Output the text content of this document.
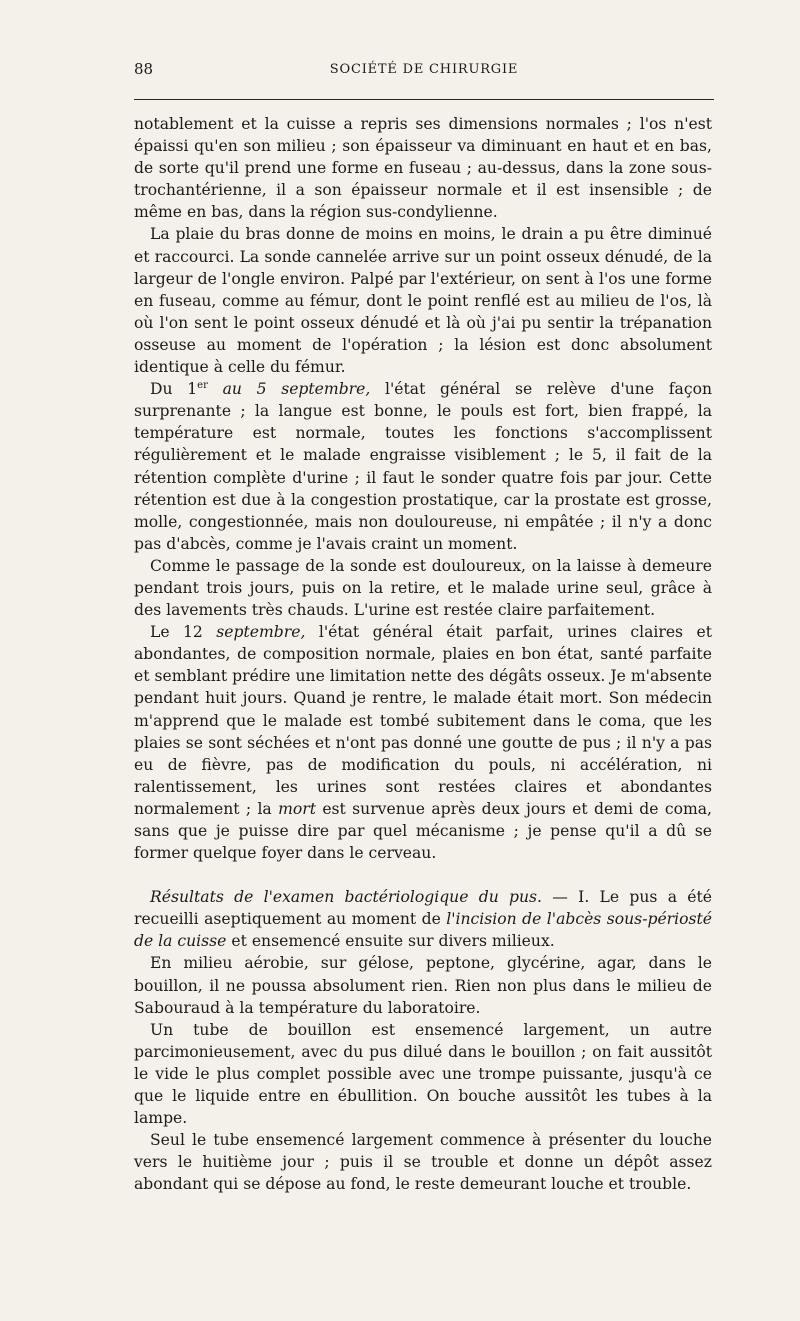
88	SOCIÉTÉ DE CHIRURGIE

notablement et la cuisse a repris ses dimensions normales ; l'os n'est épaissi qu'en son milieu ; son épaisseur va diminuant en haut et en bas, de sorte qu'il prend une forme en fuseau ; au-dessus, dans la zone sous-trochantérienne, il a son épaisseur normale et il est insensible ; de même en bas, dans la région sus-condylienne.

La plaie du bras donne de moins en moins, le drain a pu être diminué et raccourci. La sonde cannelée arrive sur un point osseux dénudé, de la largeur de l'ongle environ. Palpé par l'extérieur, on sent à l'os une forme en fuseau, comme au fémur, dont le point renflé est au milieu de l'os, là où l'on sent le point osseux dénudé et là où j'ai pu sentir la trépanation osseuse au moment de l'opération ; la lésion est donc absolument identique à celle du fémur.

Du 1er au 5 septembre, l'état général se relève d'une façon surprenante ; la langue est bonne, le pouls est fort, bien frappé, la température est normale, toutes les fonctions s'accomplissent régulièrement et le malade engraisse visiblement ; le 5, il fait de la rétention complète d'urine ; il faut le sonder quatre fois par jour. Cette rétention est due à la congestion prostatique, car la prostate est grosse, molle, congestionnée, mais non douloureuse, ni empâtée ; il n'y a donc pas d'abcès, comme je l'avais craint un moment.

Comme le passage de la sonde est douloureux, on la laisse à demeure pendant trois jours, puis on la retire, et le malade urine seul, grâce à des lavements très chauds. L'urine est restée claire parfaitement.

Le 12 septembre, l'état général était parfait, urines claires et abondantes, de composition normale, plaies en bon état, santé parfaite et semblant prédire une limitation nette des dégâts osseux. Je m'absente pendant huit jours. Quand je rentre, le malade était mort. Son médecin m'apprend que le malade est tombé subitement dans le coma, que les plaies se sont séchées et n'ont pas donné une goutte de pus ; il n'y a pas eu de fièvre, pas de modification du pouls, ni accélération, ni ralentissement, les urines sont restées claires et abondantes normalement ; la mort est survenue après deux jours et demi de coma, sans que je puisse dire par quel mécanisme ; je pense qu'il a dû se former quelque foyer dans le cerveau.

Résultats de l'examen bactériologique du pus. — I. Le pus a été recueilli aseptiquement au moment de l'incision de l'abcès sous-périosté de la cuisse et ensemencé ensuite sur divers milieux.

En milieu aérobie, sur gélose, peptone, glycérine, agar, dans le bouillon, il ne poussa absolument rien. Rien non plus dans le milieu de Sabouraud à la température du laboratoire.

Un tube de bouillon est ensemencé largement, un autre parcimonieusement, avec du pus dilué dans le bouillon ; on fait aussitôt le vide le plus complet possible avec une trompe puissante, jusqu'à ce que le liquide entre en ébullition. On bouche aussitôt les tubes à la lampe.

Seul le tube ensemencé largement commence à présenter du louche vers le huitième jour ; puis il se trouble et donne un dépôt assez abondant qui se dépose au fond, le reste demeurant louche et trouble.
